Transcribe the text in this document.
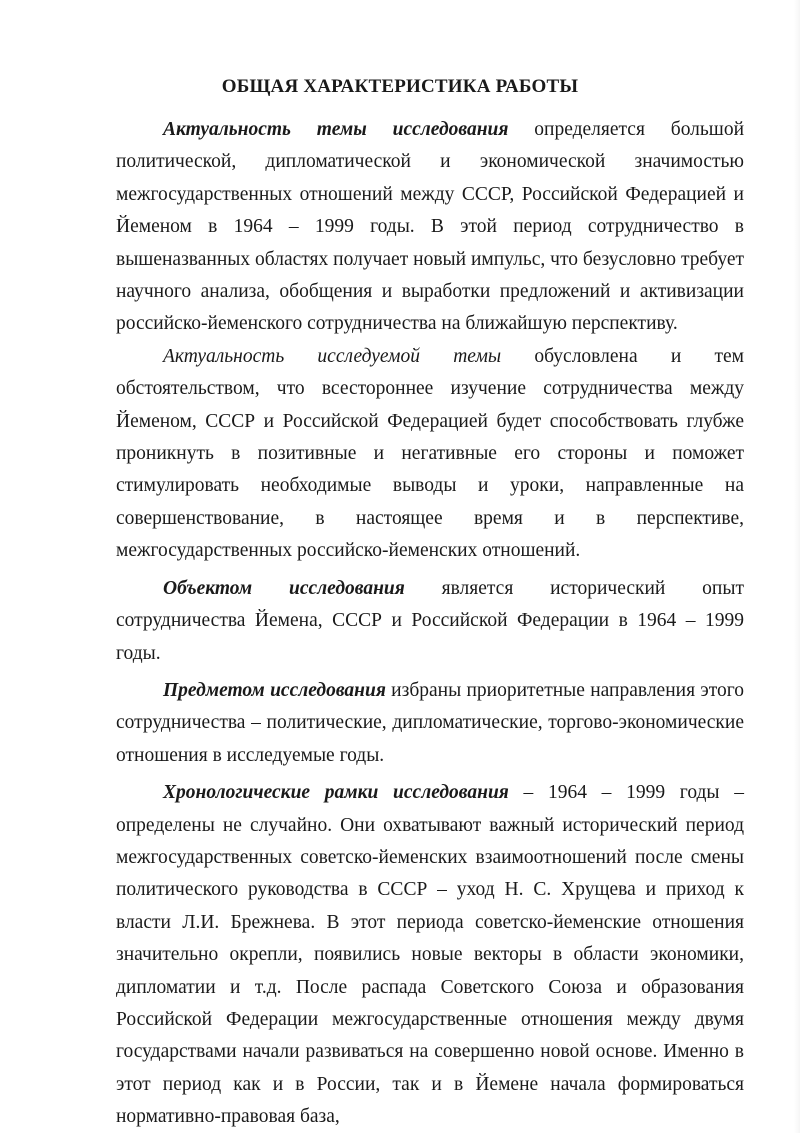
ОБЩАЯ ХАРАКТЕРИСТИКА РАБОТЫ

Актуальность темы исследования определяется большой политической, дипломатической и экономической значимостью межгосударственных отношений между СССР, Российской Федерацией и Йеменом в 1964 – 1999 годы. В этой период сотрудничество в вышеназванных областях получает новый импульс, что безусловно требует научного анализа, обобщения и выработки предложений и активизации российско-йеменского сотрудничества на ближайшую перспективу.

Актуальность исследуемой темы обусловлена и тем обстоятельством, что всестороннее изучение сотрудничества между Йеменом, СССР и Российской Федерацией будет способствовать глубже проникнуть в позитивные и негативные его стороны и поможет стимулировать необходимые выводы и уроки, направленные на совершенствование, в настоящее время и в перспективе, межгосударственных российско-йеменских отношений.

Объектом исследования является исторический опыт сотрудничества Йемена, СССР и Российской Федерации в 1964 – 1999 годы.

Предметом исследования избраны приоритетные направления этого сотрудничества – политические, дипломатические, торгово-экономические отношения в исследуемые годы.

Хронологические рамки исследования – 1964 – 1999 годы – определены не случайно. Они охватывают важный исторический период межгосударственных советско-йеменских взаимоотношений после смены политического руководства в СССР – уход Н. С. Хрущева и приход к власти Л.И. Брежнева. В этот периода советско-йеменские отношения значительно окрепли, появились новые векторы в области экономики, дипломатии и т.д. После распада Советского Союза и образования Российской Федерации межгосударственные отношения между двумя государствами начали развиваться на совершенно новой основе. Именно в этот период как и в России, так и в Йемене начала формироваться нормативно-правовая база,
